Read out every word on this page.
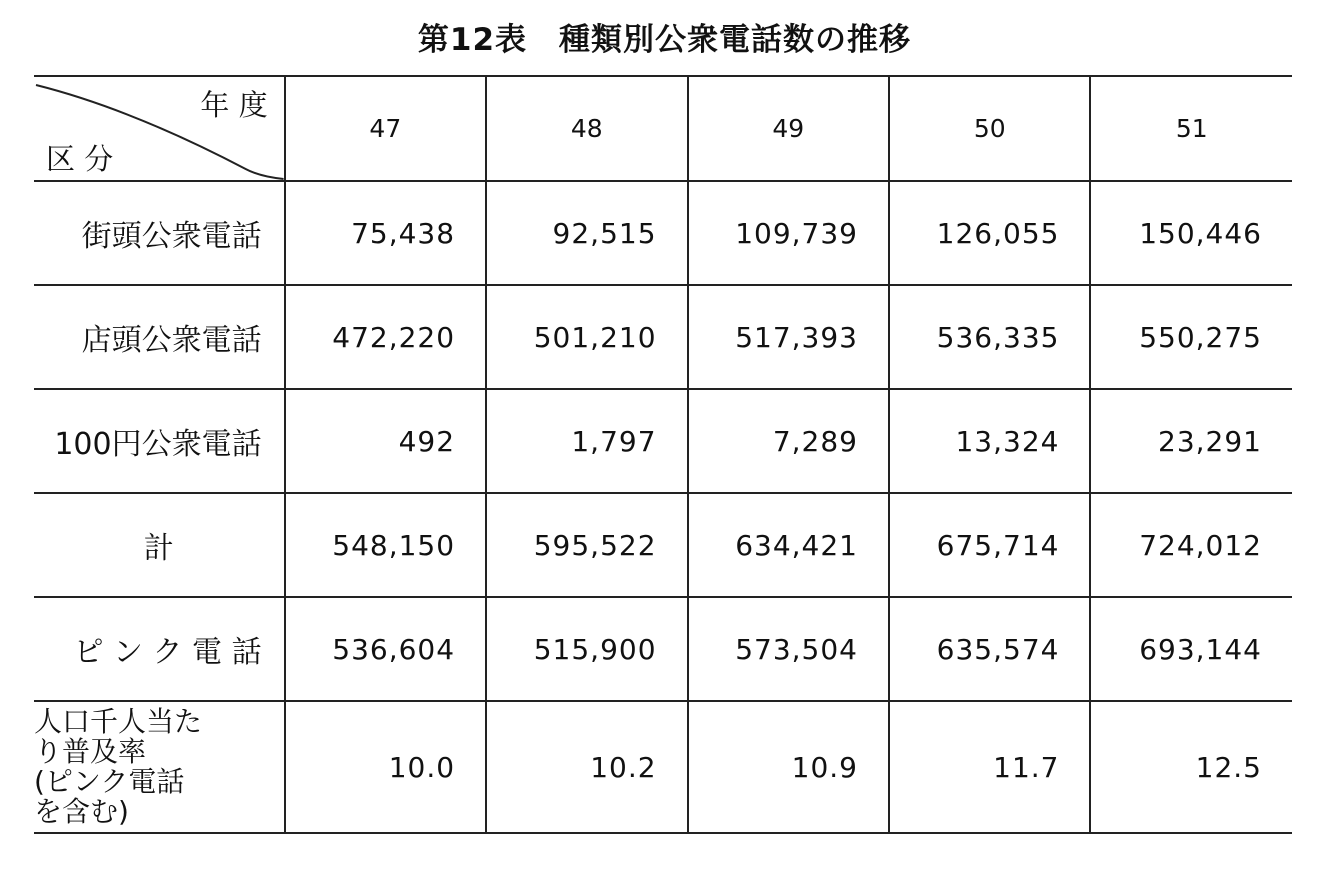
第12表　種類別公衆電話数の推移
年 度
区 分	47	48	49	50	51
街頭公衆電話	75,438	92,515	109,739	126,055	150,446
店頭公衆電話	472,220	501,210	517,393	536,335	550,275
100円公衆電話	492	1,797	7,289	13,324	23,291
計	548,150	595,522	634,421	675,714	724,012
ピ ン ク 電 話	536,604	515,900	573,504	635,574	693,144

人口千人当た
り普及率
(ピンク電話
を含む)	10.0	10.2	10.9	11.7	12.5
